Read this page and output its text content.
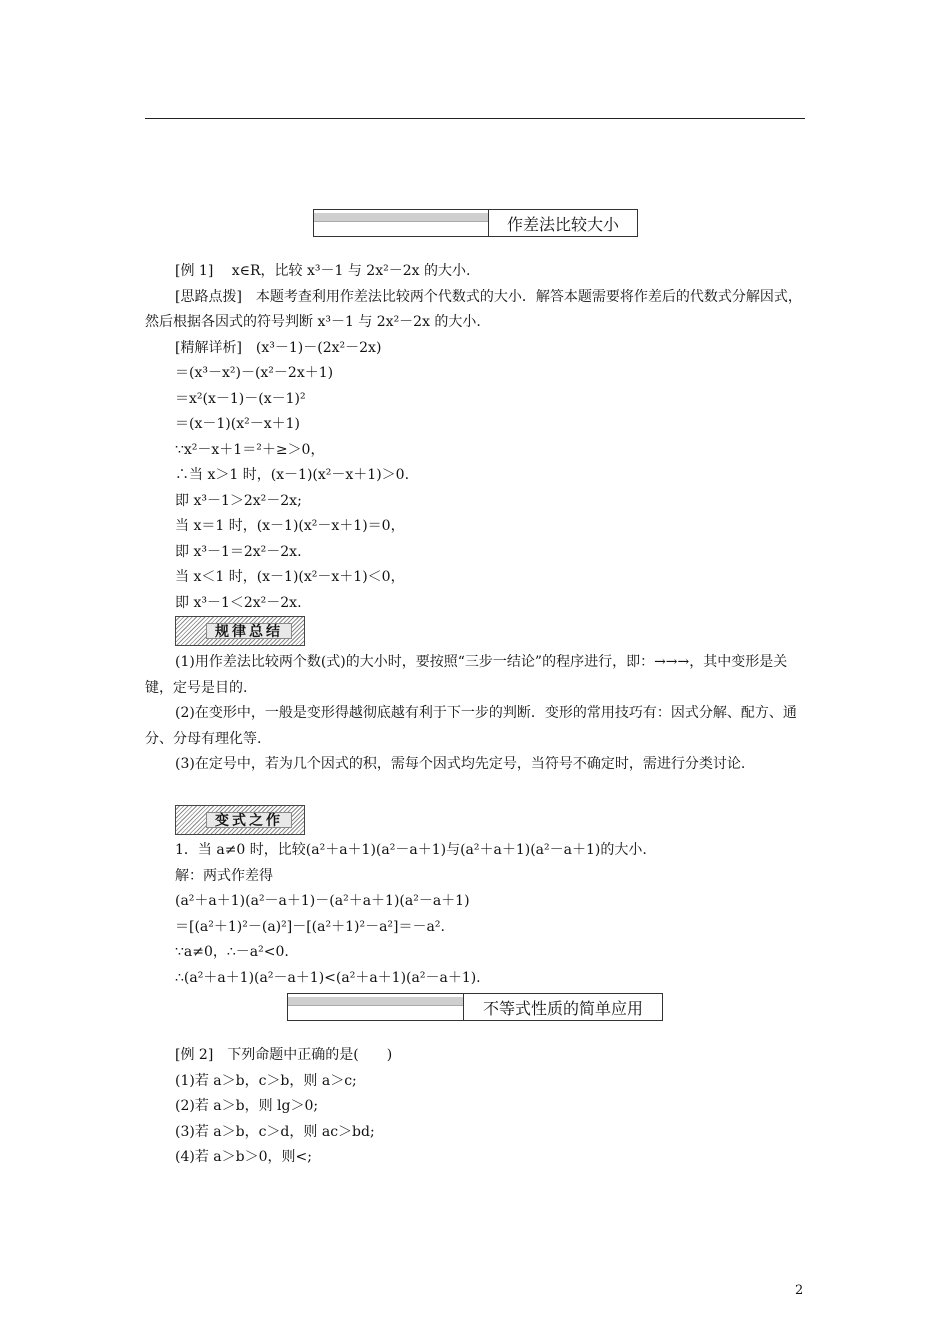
作差法比较大小
[例 1]　 x∈R，比较 x³－1 与 2x²－2x 的大小.
[思路点拨]　本题考查利用作差法比较两个代数式的大小．解答本题需要将作差后的代数式分解因式，然后根据各因式的符号判断 x³－1 与 2x²－2x 的大小.
[精解详析]　(x³－1)－(2x²－2x)
＝(x³－x²)－(x²－2x＋1)
＝x²(x－1)－(x－1)²
＝(x－1)(x²－x＋1)
∵x²－x＋1＝²＋≥＞0，
∴当 x＞1 时，(x－1)(x²－x＋1)＞0.
即 x³－1＞2x²－2x;
当 x＝1 时，(x－1)(x²－x＋1)＝0，
即 x³－1＝2x²－2x.
当 x＜1 时，(x－1)(x²－x＋1)＜0，
即 x³－1＜2x²－2x.
规律总结
(1)用作差法比较两个数(式)的大小时，要按照“三步一结论”的程序进行，即：→→→，其中变形是关键，定号是目的.
(2)在变形中，一般是变形得越彻底越有利于下一步的判断．变形的常用技巧有：因式分解、配方、通分、分母有理化等.
(3)在定号中，若为几个因式的积，需每个因式均先定号，当符号不确定时，需进行分类讨论.
变式之作
1．当 a≠0 时，比较(a²＋a＋1)(a²－a＋1)与(a²＋a＋1)(a²－a＋1)的大小.
解：两式作差得
(a²＋a＋1)(a²－a＋1)－(a²＋a＋1)(a²－a＋1)
＝[(a²＋1)²－(a)²]－[(a²＋1)²－a²]＝－a².
∵a≠0，∴－a²<0.
∴(a²＋a＋1)(a²－a＋1)<(a²＋a＋1)(a²－a＋1).
不等式性质的简单应用
[例 2]　下列命题中正确的是(　　)
(1)若 a＞b，c＞b，则 a＞c;
(2)若 a＞b，则 lg＞0;
(3)若 a＞b，c＞d，则 ac＞bd;
(4)若 a＞b＞0，则<;
2
